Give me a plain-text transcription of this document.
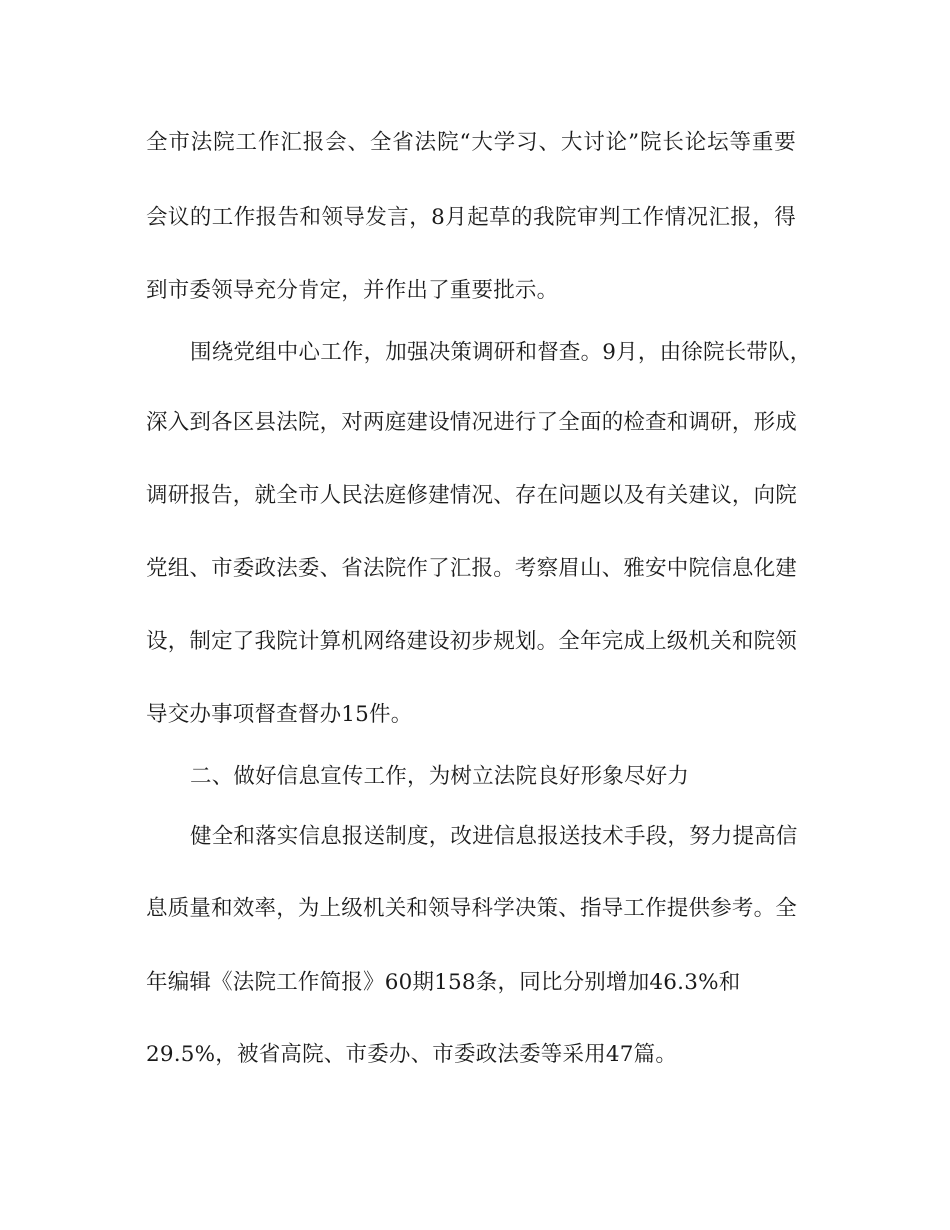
全市法院工作汇报会、全省法院“大学习、大讨论”院长论坛等重要
会议的工作报告和领导发言，8月起草的我院审判工作情况汇报，得
到市委领导充分肯定，并作出了重要批示。
围绕党组中心工作，加强决策调研和督查。9月，由徐院长带队，
深入到各区县法院，对两庭建设情况进行了全面的检查和调研，形成
调研报告，就全市人民法庭修建情况、存在问题以及有关建议，向院
党组、市委政法委、省法院作了汇报。考察眉山、雅安中院信息化建
设，制定了我院计算机网络建设初步规划。全年完成上级机关和院领
导交办事项督查督办15件。
二、做好信息宣传工作，为树立法院良好形象尽好力
健全和落实信息报送制度，改进信息报送技术手段，努力提高信
息质量和效率，为上级机关和领导科学决策、指导工作提供参考。全
年编辑《法院工作简报》60期158条，同比分别增加46.3%和
29.5%，被省高院、市委办、市委政法委等采用47篇。
